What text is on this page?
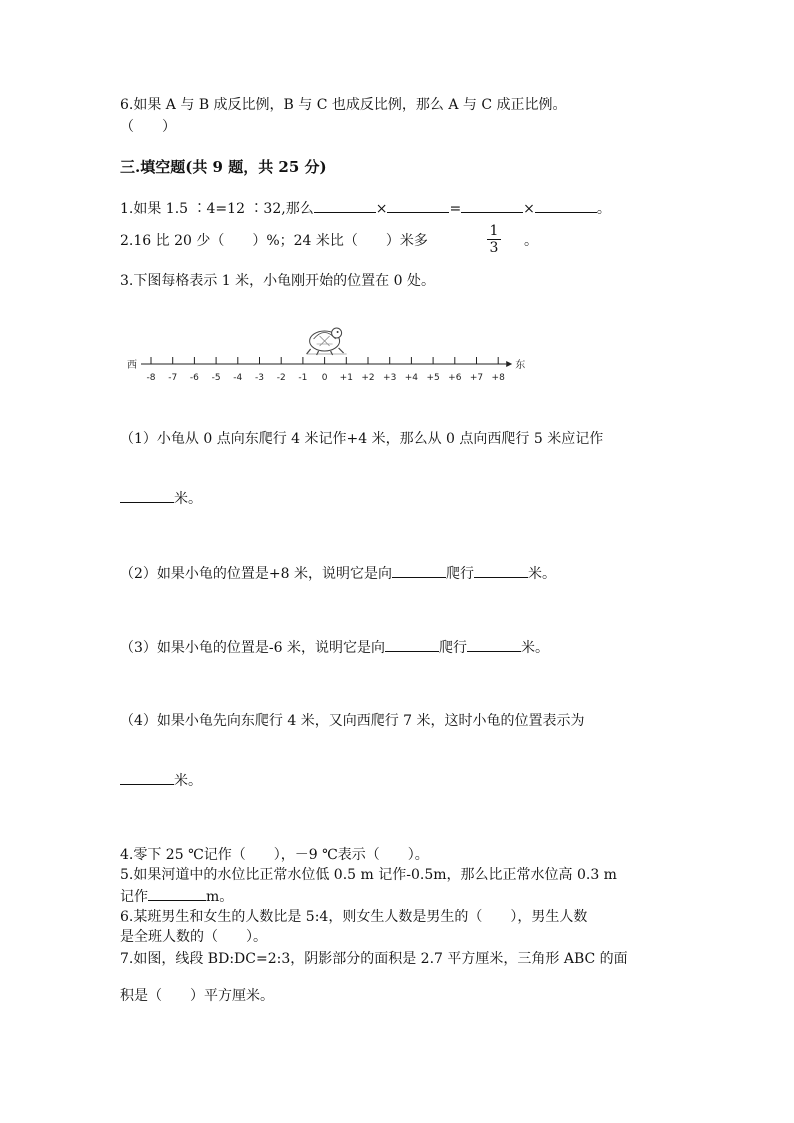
6.如果 A 与 B 成反比例，B 与 C 也成反比例，那么 A 与 C 成正比例。
（　　）
三.填空题(共 9 题，共 25 分)
1.如果 1.5 ∶4=12 ∶32,那么	×	=	×	。
2.16 比 20 少（　　）%；24 米比（　　）米多
1
3 。
3.下图每格表示 1 米，小龟刚开始的位置在 0 处。
西	东
-8 -7 -6 -5 -4 -3 -2 -1 0 +1 +2 +3 +4 +5 +6 +7 +8
（1）小龟从 0 点向东爬行 4 米记作+4 米，那么从 0 点向西爬行 5 米应记作
米。
（2）如果小龟的位置是+8 米，说明它是向	爬行	米。
（3）如果小龟的位置是-6 米，说明它是向	爬行	米。
（4）如果小龟先向东爬行 4 米，又向西爬行 7 米，这时小龟的位置表示为
米。
4.零下 25 ℃记作（　　），－9 ℃表示（　　）。
5.如果河道中的水位比正常水位低 0.5 m 记作-0.5m，那么比正常水位高 0.3 m
记作	m。
6.某班男生和女生的人数比是 5:4，则女生人数是男生的（　　），男生人数
是全班人数的（　　）。
7.如图，线段 BD:DC=2:3，阴影部分的面积是 2.7 平方厘米，三角形 ABC 的面
积是（　　）平方厘米。
